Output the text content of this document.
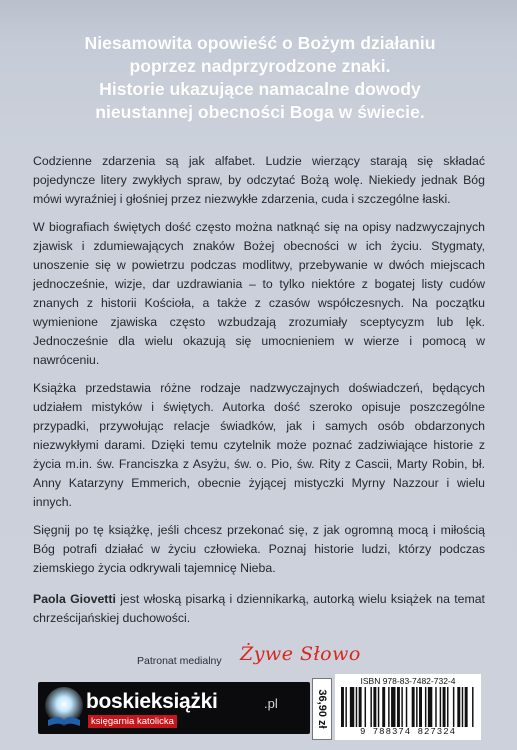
Niesamowita opowieść o Bożym działaniu
poprzez nadprzyrodzone znaki.
Historie ukazujące namacalne dowody
nieustannej obecności Boga w świecie.

Codzienne zdarzenia są jak alfabet. Ludzie wierzący starają się składać pojedyncze litery zwykłych spraw, by odczytać Bożą wolę. Niekiedy jednak Bóg mówi wyraźniej i głośniej przez niezwykłe zdarzenia, cuda i szczególne łaski.

W biografiach świętych dość często można natknąć się na opisy nadzwyczajnych zjawisk i zdumiewających znaków Bożej obecności w ich życiu. Stygmaty, unoszenie się w powietrzu podczas modlitwy, przebywanie w dwóch miejscach jednocześnie, wizje, dar uzdrawiania – to tylko niektóre z bogatej listy cudów znanych z historii Kościoła, a także z czasów współczesnych. Na początku wymienione zjawiska często wzbudzają zrozumiały sceptycyzm lub lęk. Jednocześnie dla wielu okazują się umocnieniem w wierze i pomocą w nawróceniu.

Książka przedstawia różne rodzaje nadzwyczajnych doświadczeń, będących udziałem mistyków i świętych. Autorka dość szeroko opisuje poszczególne przypadki, przywołując relacje świadków, jak i samych osób obdarzonych niezwykłymi darami. Dzięki temu czytelnik może poznać zadziwiające historie z życia m.in. św. Franciszka z Asyżu, św. o. Pio, św. Rity z Cascii, Marty Robin, bł. Anny Katarzyny Emmerich, obecnie żyjącej mistyczki Myrny Nazzour i wielu innych.

Sięgnij po tę książkę, jeśli chcesz przekonać się, z jak ogromną mocą i miłością Bóg potrafi działać w życiu człowieka. Poznaj historie ludzi, którzy podczas ziemskiego życia odkrywali tajemnicę Nieba.

Paola Giovetti jest włoską pisarką i dziennikarką, autorką wielu książek na temat chrześcijańskiej duchowości.

Patronat medialny Żywe Słowo
boskieksiążki	.pl
księgarnia katolicka	36,90 zł
ISBN 978-83-7482-732-4
9 788374 827324
